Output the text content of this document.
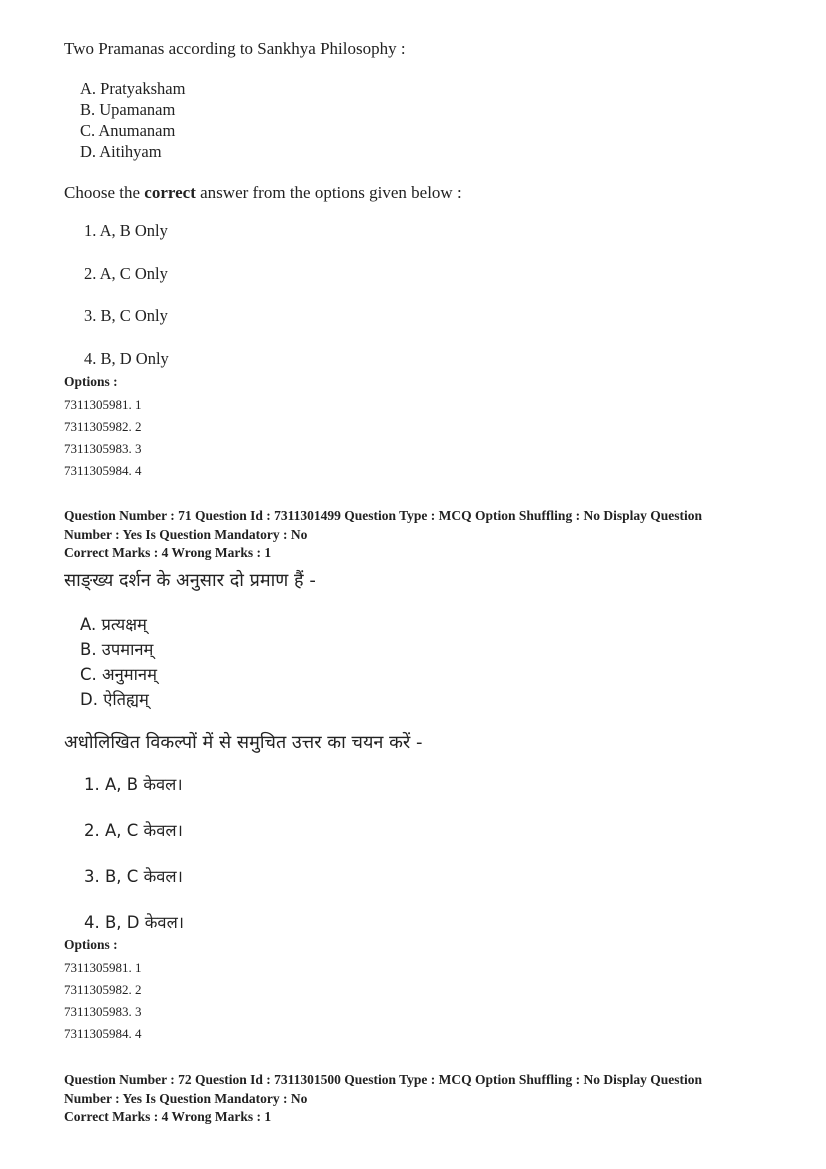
Two Pramanas according to Sankhya Philosophy :
A. Pratyaksham
B. Upamanam
C. Anumanam
D. Aitihyam
Choose the correct answer from the options given below :
1. A, B Only
2. A, C Only
3. B, C Only
4. B, D Only
Options :
7311305981. 1
7311305982. 2
7311305983. 3
7311305984. 4
Question Number : 71 Question Id : 7311301499 Question Type : MCQ Option Shuffling : No Display Question
Number : Yes Is Question Mandatory : No
Correct Marks : 4 Wrong Marks : 1
साङ्ख्य दर्शन के अनुसार दो प्रमाण हैं -
A. प्रत्यक्षम्
B. उपमानम्
C. अनुमानम्
D. ऐतिह्यम्
अधोलिखित विकल्पों में से समुचित उत्तर का चयन करें -
1. A, B केवल।
2. A, C केवल।
3. B, C केवल।
4. B, D केवल।
Options :
7311305981. 1
7311305982. 2
7311305983. 3
7311305984. 4
Question Number : 72 Question Id : 7311301500 Question Type : MCQ Option Shuffling : No Display Question
Number : Yes Is Question Mandatory : No
Correct Marks : 4 Wrong Marks : 1
